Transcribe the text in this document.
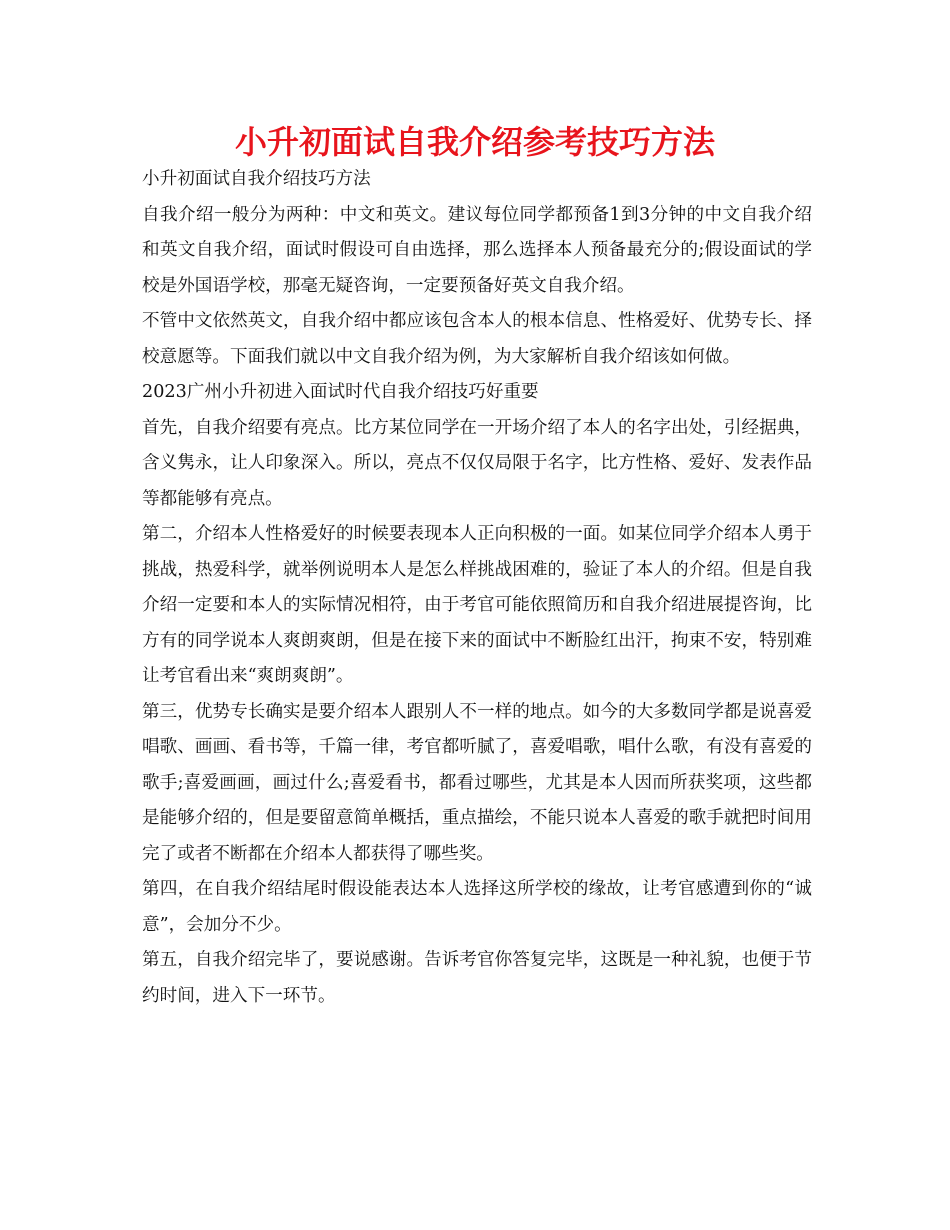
小升初面试自我介绍参考技巧方法

小升初面试自我介绍技巧方法

自我介绍一般分为两种：中文和英文。建议每位同学都预备1到3分钟的中文自我介绍和英文自我介绍，面试时假设可自由选择，那么选择本人预备最充分的;假设面试的学校是外国语学校，那毫无疑咨询，一定要预备好英文自我介绍。

不管中文依然英文，自我介绍中都应该包含本人的根本信息、性格爱好、优势专长、择校意愿等。下面我们就以中文自我介绍为例，为大家解析自我介绍该如何做。

2023广州小升初进入面试时代自我介绍技巧好重要

首先，自我介绍要有亮点。比方某位同学在一开场介绍了本人的名字出处，引经据典，含义隽永，让人印象深入。所以，亮点不仅仅局限于名字，比方性格、爱好、发表作品等都能够有亮点。

第二，介绍本人性格爱好的时候要表现本人正向积极的一面。如某位同学介绍本人勇于挑战，热爱科学，就举例说明本人是怎么样挑战困难的，验证了本人的介绍。但是自我介绍一定要和本人的实际情况相符，由于考官可能依照简历和自我介绍进展提咨询，比方有的同学说本人爽朗爽朗，但是在接下来的面试中不断脸红出汗，拘束不安，特别难让考官看出来“爽朗爽朗”。

第三，优势专长确实是要介绍本人跟别人不一样的地点。如今的大多数同学都是说喜爱唱歌、画画、看书等，千篇一律，考官都听腻了，喜爱唱歌，唱什么歌，有没有喜爱的歌手;喜爱画画，画过什么;喜爱看书，都看过哪些，尤其是本人因而所获奖项，这些都是能够介绍的，但是要留意简单概括，重点描绘，不能只说本人喜爱的歌手就把时间用完了或者不断都在介绍本人都获得了哪些奖。

第四，在自我介绍结尾时假设能表达本人选择这所学校的缘故，让考官感遭到你的“诚意”，会加分不少。

第五，自我介绍完毕了，要说感谢。告诉考官你答复完毕，这既是一种礼貌，也便于节约时间，进入下一环节。
